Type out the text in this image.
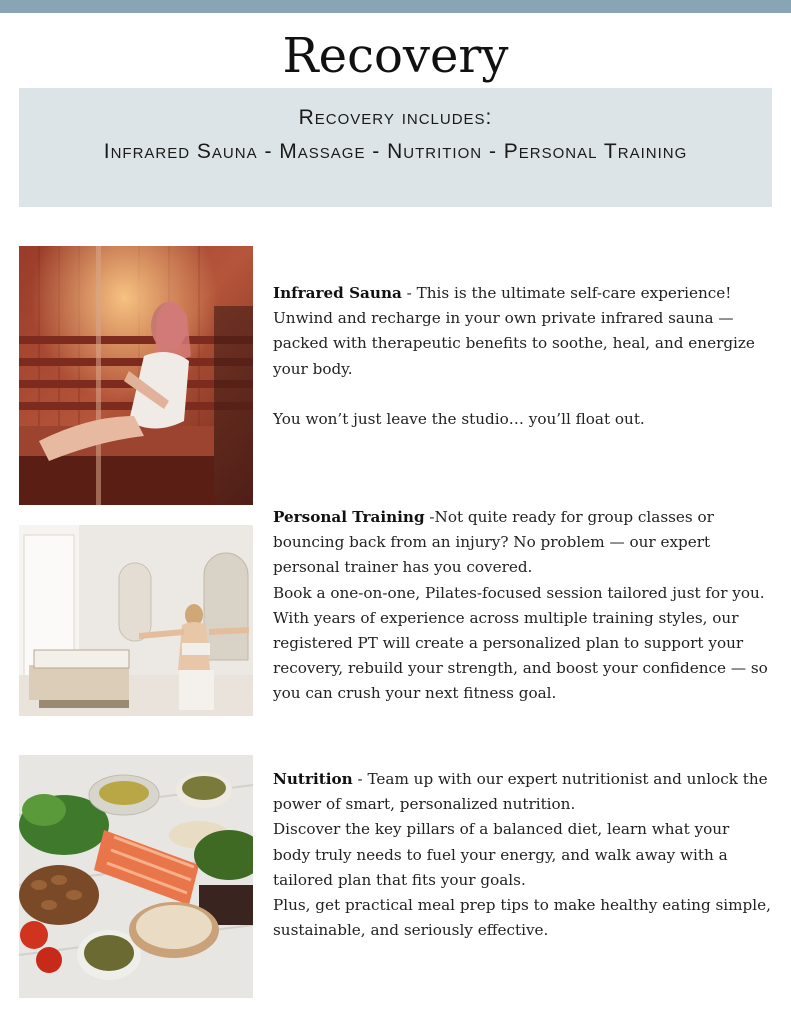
Recovery
Recovery includes:
Infrared Sauna - Massage - Nutrition - Personal Training

Infrared Sauna - This is the ultimate self-care experience! Unwind and recharge in your own private infrared sauna — packed with therapeutic benefits to soothe, heal, and energize your body.

You won’t just leave the studio… you’ll float out.

Personal Training -Not quite ready for group classes or bouncing back from an injury? No problem — our expert personal trainer has you covered.

Book a one-on-one, Pilates-focused session tailored just for you. With years of experience across multiple training styles, our registered PT will create a personalized plan to support your recovery, rebuild your strength, and boost your confidence — so you can crush your next fitness goal.

Nutrition - Team up with our expert nutritionist and unlock the power of smart, personalized nutrition.

Discover the key pillars of a balanced diet, learn what your body truly needs to fuel your energy, and walk away with a tailored plan that fits your goals.

Plus, get practical meal prep tips to make healthy eating simple, sustainable, and seriously effective.
